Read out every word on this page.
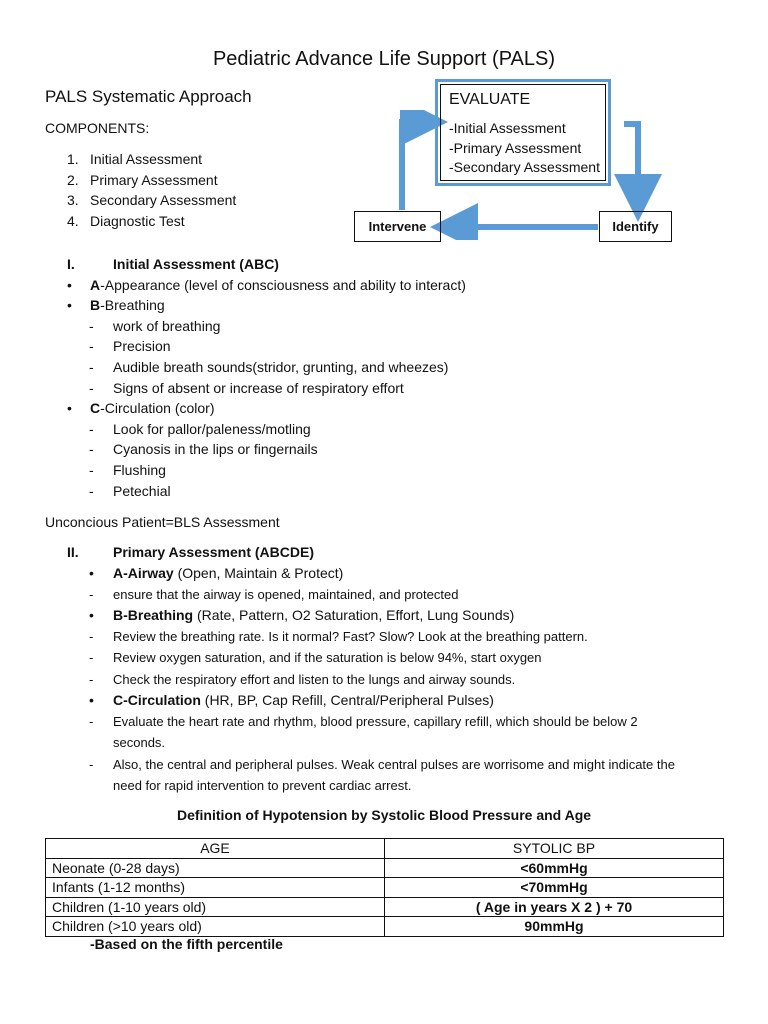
Pediatric Advance Life Support (PALS)
PALS Systematic Approach
COMPONENTS:
1. Initial Assessment
2. Primary Assessment
3. Secondary Assessment
4. Diagnostic Test
EVALUATE
-Initial Assessment
-Primary Assessment
-Secondary Assessment
Intervene	Identify
I.	Initial Assessment (ABC)
• A-Appearance (level of consciousness and ability to interact)
• B-Breathing
- work of breathing
- Precision
- Audible breath sounds(stridor, grunting, and wheezes)
- Signs of absent or increase of respiratory effort
• C-Circulation (color)
- Look for pallor/paleness/motling
- Cyanosis in the lips or fingernails
- Flushing
- Petechial
Unconcious Patient=BLS Assessment
II. Primary Assessment (ABCDE)
• A-Airway (Open, Maintain & Protect)
- ensure that the airway is opened, maintained, and protected
• B-Breathing (Rate, Pattern, O2 Saturation, Effort, Lung Sounds)
- Review the breathing rate. Is it normal? Fast? Slow? Look at the breathing pattern.
- Review oxygen saturation, and if the saturation is below 94%, start oxygen
- Check the respiratory effort and listen to the lungs and airway sounds.
• C-Circulation (HR, BP, Cap Refill, Central/Peripheral Pulses)
- Evaluate the heart rate and rhythm, blood pressure, capillary refill, which should be below 2
seconds.

- Also, the central and peripheral pulses. Weak central pulses are worrisome and might indicate the
need for rapid intervention to prevent cardiac arrest.

Definition of Hypotension by Systolic Blood Pressure and Age
AGE	SYTOLIC BP
Neonate (0-28 days)	<60mmHg
Infants (1-12 months)	<70mmHg
Children (1-10 years old)	( Age in years X 2 ) + 70
Children (>10 years old)	90mmHg
-Based on the fifth percentile
